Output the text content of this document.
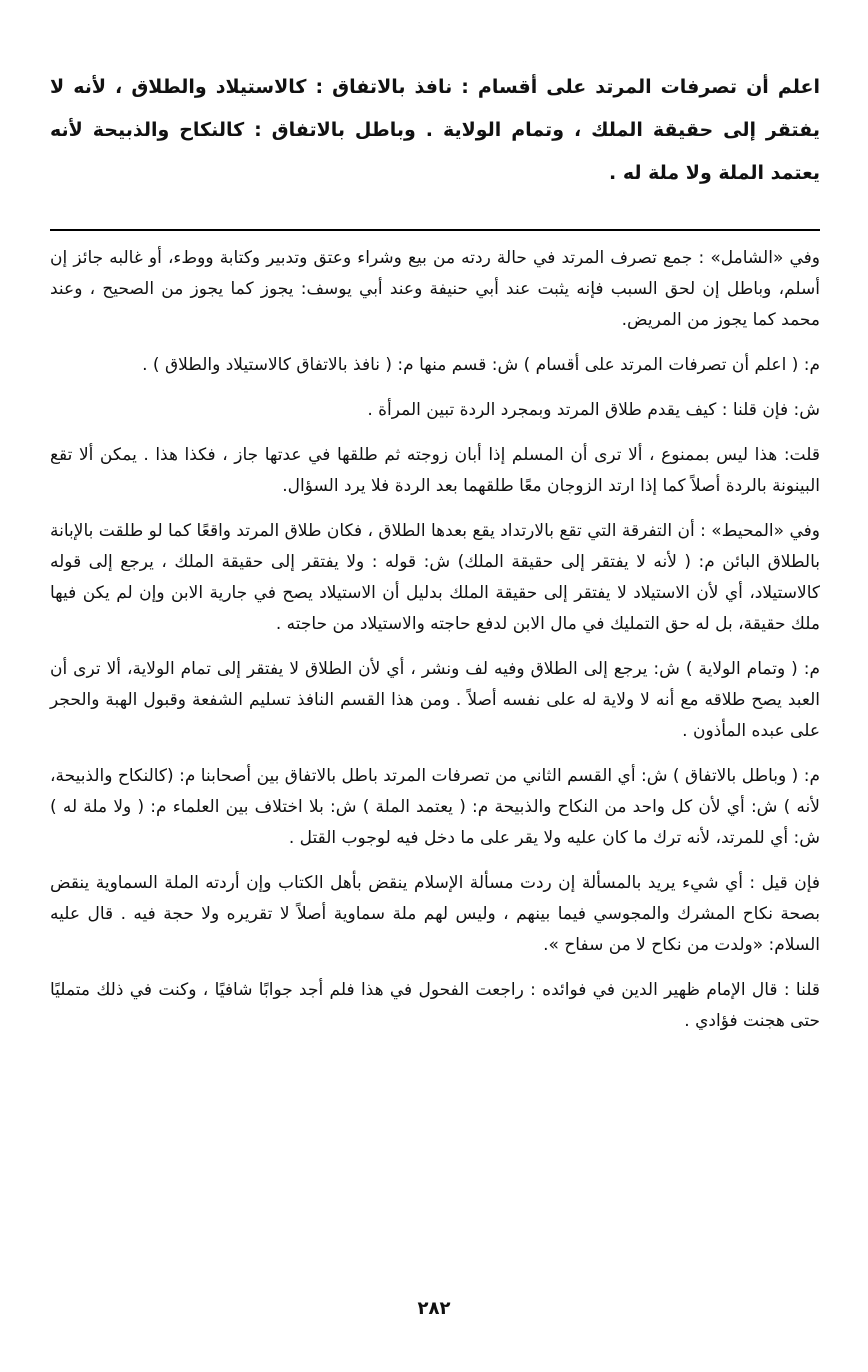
اعلم أن تصرفات المرتد على أقسام : نافذ بالاتفاق : كالاستيلاد والطلاق ، لأنه لا يفتقر إلى حقيقة الملك ، وتمام الولاية . وباطل بالاتفاق : كالنكاح والذبيحة لأنه يعتمد الملة ولا ملة له .

وفي «الشامل» : جمع تصرف المرتد في حالة ردته من بيع وشراء وعتق وتدبير وكتابة ووطء، أو غالبه جائز إن أسلم، وباطل إن لحق السبب فإنه يثبت عند أبي حنيفة وعند أبي يوسف: يجوز كما يجوز من الصحيح ، وعند محمد كما يجوز من المريض.

م: ( اعلم أن تصرفات المرتد على أقسام ) ش: قسم منها م: ( نافذ بالاتفاق كالاستيلاد والطلاق ) .

ش: فإن قلنا : كيف يقدم طلاق المرتد وبمجرد الردة تبين المرأة .

قلت: هذا ليس بممنوع ، ألا ترى أن المسلم إذا أبان زوجته ثم طلقها في عدتها جاز ، فكذا هذا . يمكن ألا تقع البينونة بالردة أصلاً كما إذا ارتد الزوجان معًا طلقهما بعد الردة فلا يرد السؤال.

وفي «المحيط» : أن التفرقة التي تقع بالارتداد يقع بعدها الطلاق ، فكان طلاق المرتد واقعًا كما لو طلقت بالإبانة بالطلاق البائن م: ( لأنه لا يفتقر إلى حقيقة الملك) ش: قوله : ولا يفتقر إلى حقيقة الملك ، يرجع إلى قوله كالاستيلاد، أي لأن الاستيلاد لا يفتقر إلى حقيقة الملك بدليل أن الاستيلاد يصح في جارية الابن وإن لم يكن فيها ملك حقيقة، بل له حق التمليك في مال الابن لدفع حاجته والاستيلاد من حاجته .

م: ( وتمام الولاية ) ش: يرجع إلى الطلاق وفيه لف ونشر ، أي لأن الطلاق لا يفتقر إلى تمام الولاية، ألا ترى أن العبد يصح طلاقه مع أنه لا ولاية له على نفسه أصلاً . ومن هذا القسم النافذ تسليم الشفعة وقبول الهبة والحجر على عبده المأذون .

م: ( وباطل بالاتفاق ) ش: أي القسم الثاني من تصرفات المرتد باطل بالاتفاق بين أصحابنا م: (كالنكاح والذبيحة، لأنه ) ش: أي لأن كل واحد من النكاح والذبيحة م: ( يعتمد الملة ) ش: بلا اختلاف بين العلماء م: ( ولا ملة له ) ش: أي للمرتد، لأنه ترك ما كان عليه ولا يقر على ما دخل فيه لوجوب القتل .

فإن قيل : أي شيء يريد بالمسألة إن ردت مسألة الإسلام ينقض بأهل الكتاب وإن أردته الملة السماوية ينقض بصحة نكاح المشرك والمجوسي فيما بينهم ، وليس لهم ملة سماوية أصلاً لا تقريره ولا حجة فيه . قال عليه السلام: «ولدت من نكاح لا من سفاح ».

قلنا : قال الإمام ظهير الدين في فوائده : راجعت الفحول في هذا فلم أجد جوابًا شافيًا ، وكنت في ذلك متمليًا حتى هجنت فؤادي .

٢٨٢
